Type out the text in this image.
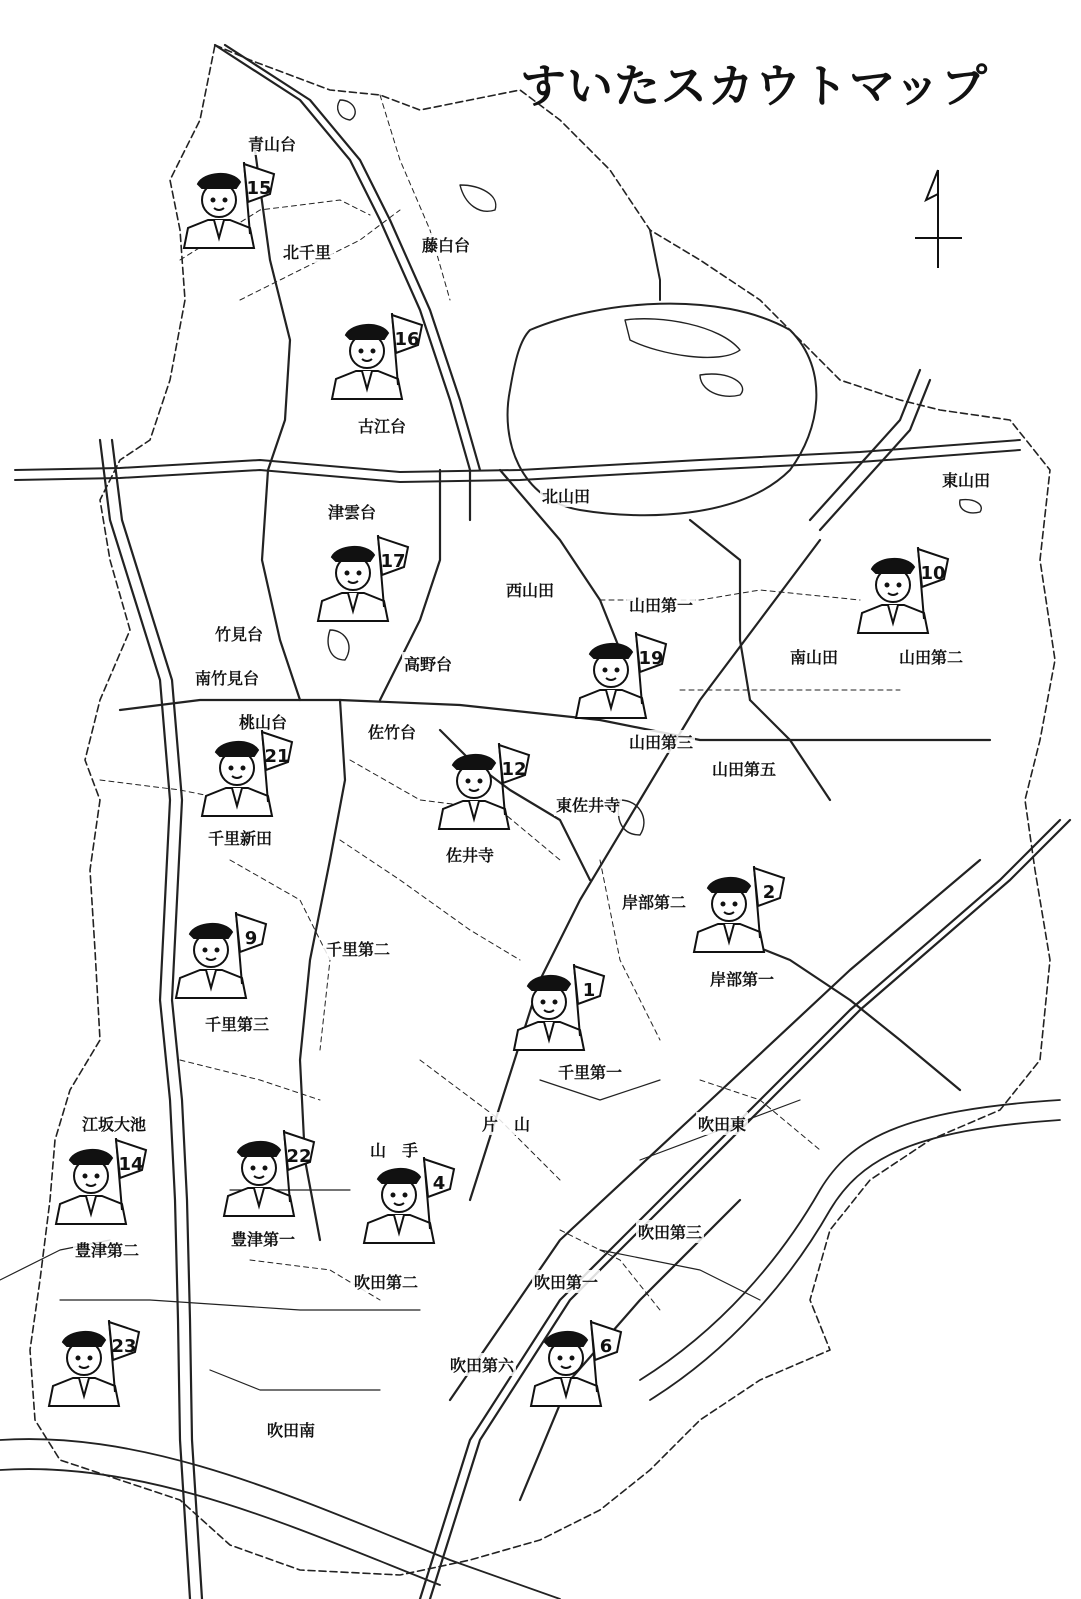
すいたスカウトマップ
青山台
北千里	藤白台
古江台
東山田
北山田
津雲台
西山田
山田第一
南山田	山田第二
竹見台
南竹見台
高野台
桃山台
佐竹台
山田第三
山田第五
東佐井寺
千里新田
佐井寺
岸部第二
千里第二
岸部第一
千里第三
千里第一
江坂大池	吹田東
片　山
山　手
吹田第三
豊津第二
豊津第一
吹田第二	吹田第一
吹田第六
吹田南
15
16
17
10
19
21
12
2
9
1
14	22
4
23	6
